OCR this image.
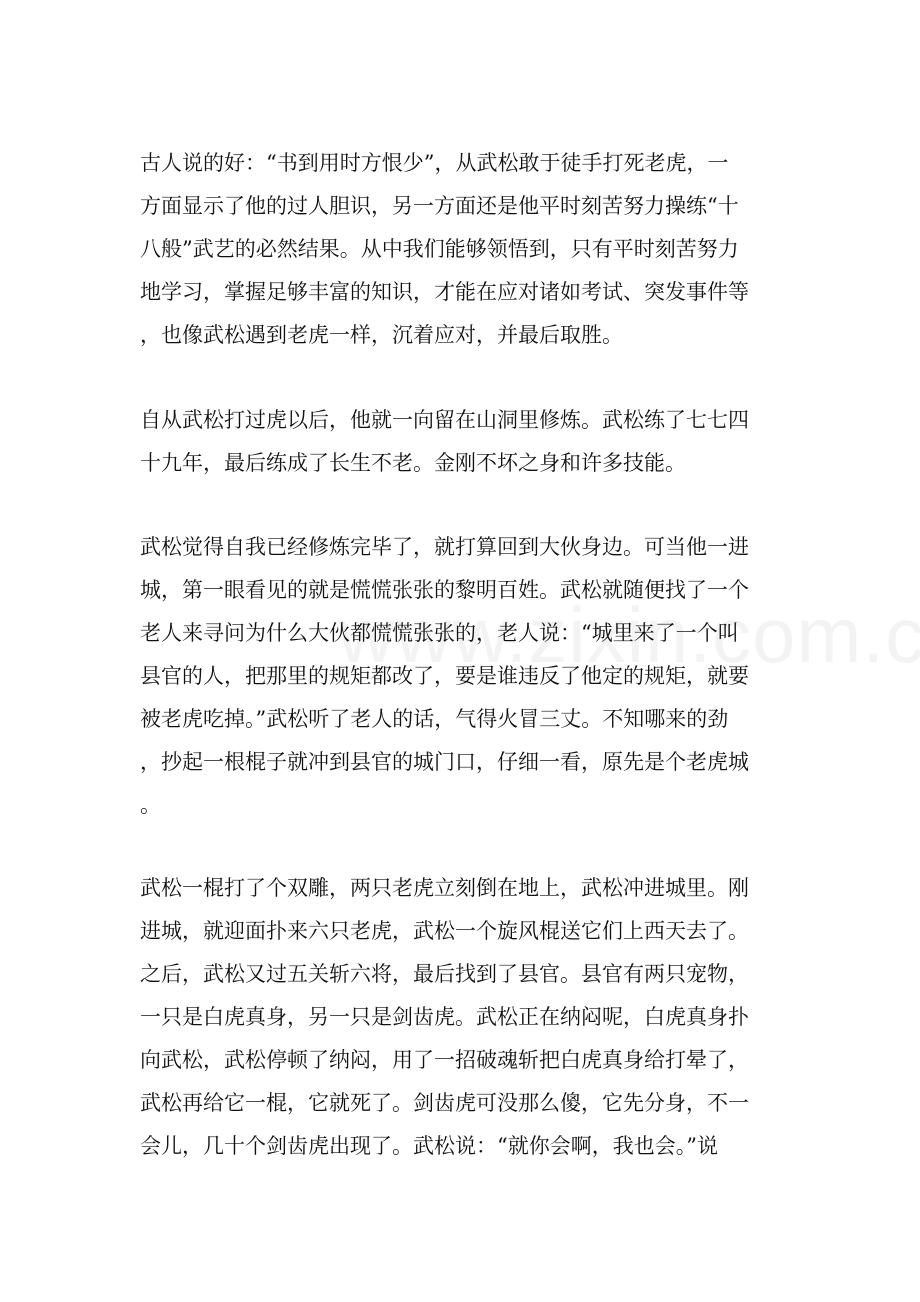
古人说的好：“书到用时方恨少”，从武松敢于徒手打死老虎，一
方面显示了他的过人胆识，另一方面还是他平时刻苦努力操练“十
八般”武艺的必然结果。从中我们能够领悟到，只有平时刻苦努力
地学习，掌握足够丰富的知识，才能在应对诸如考试、突发事件等
，也像武松遇到老虎一样，沉着应对，并最后取胜。
自从武松打过虎以后，他就一向留在山洞里修炼。武松练了七七四
十九年，最后练成了长生不老。金刚不坏之身和许多技能。
武松觉得自我已经修炼完毕了，就打算回到大伙身边。可当他一进
城，第一眼看见的就是慌慌张张的黎明百姓。武松就随便找了一个
老人来寻问为什么大伙都慌慌张张的，老人说：“城里来了一个叫
县官的人，把那里的规矩都改了，要是谁违反了他定的规矩，就要
被老虎吃掉。”武松听了老人的话，气得火冒三丈。不知哪来的劲
，抄起一根棍子就冲到县官的城门口，仔细一看，原先是个老虎城
。
武松一棍打了个双雕，两只老虎立刻倒在地上，武松冲进城里。刚
进城，就迎面扑来六只老虎，武松一个旋风棍送它们上西天去了。
之后，武松又过五关斩六将，最后找到了县官。县官有两只宠物，
一只是白虎真身，另一只是剑齿虎。武松正在纳闷呢，白虎真身扑
向武松，武松停顿了纳闷，用了一招破魂斩把白虎真身给打晕了，
武松再给它一棍，它就死了。剑齿虎可没那么傻，它先分身，不一
会儿，几十个剑齿虎出现了。武松说：“就你会啊，我也会。”说
